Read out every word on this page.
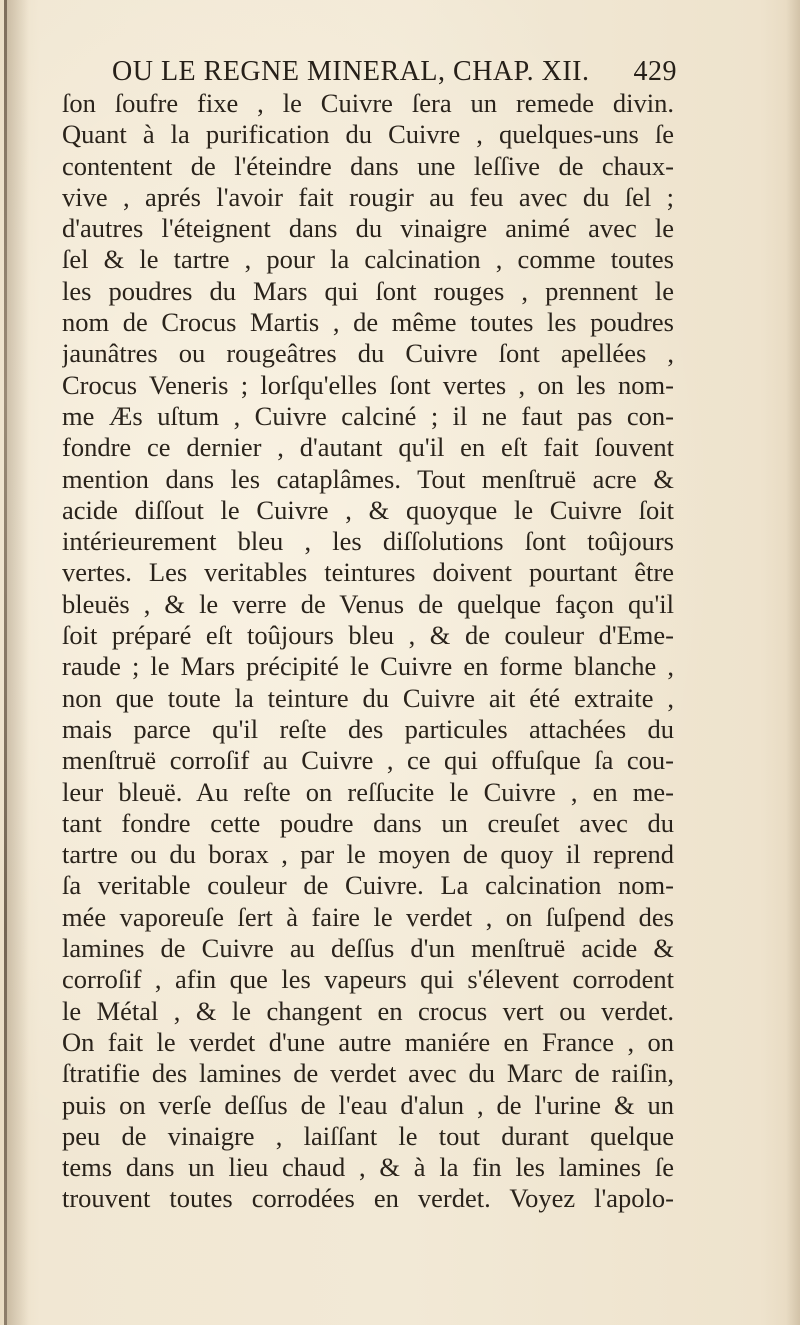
OU LE REGNE MINERAL, CHAP. XII. 429
ſon ſoufre fixe , le Cuivre ſera un remede divin.
Quant à la purification du Cuivre , quelques-uns ſe
contentent de l'éteindre dans une leſſive de chaux-
vive , aprés l'avoir fait rougir au feu avec du ſel ;
d'autres l'éteignent dans du vinaigre animé avec le
ſel & le tartre , pour la calcination , comme toutes
les poudres du Mars qui ſont rouges , prennent le
nom de Crocus Martis , de même toutes les poudres
jaunâtres ou rougeâtres du Cuivre ſont apellées ,
Crocus Veneris ; lorſqu'elles ſont vertes , on les nom-
me Æs uſtum , Cuivre calciné ; il ne faut pas con-
fondre ce dernier , d'autant qu'il en eſt fait ſouvent
mention dans les cataplâmes. Tout menſtruë acre &
acide diſſout le Cuivre , & quoyque le Cuivre ſoit
intérieurement bleu , les diſſolutions ſont toûjours
vertes. Les veritables teintures doivent pourtant être
bleuës , & le verre de Venus de quelque façon qu'il
ſoit préparé eſt toûjours bleu , & de couleur d'Eme-
raude ; le Mars précipité le Cuivre en forme blanche ,
non que toute la teinture du Cuivre ait été extraite ,
mais parce qu'il reſte des particules attachées du
menſtruë corroſif au Cuivre , ce qui offuſque ſa cou-
leur bleuë. Au reſte on reſſucite le Cuivre , en me-
tant fondre cette poudre dans un creuſet avec du
tartre ou du borax , par le moyen de quoy il reprend
ſa veritable couleur de Cuivre. La calcination nom-
mée vaporeuſe ſert à faire le verdet , on ſuſpend des
lamines de Cuivre au deſſus d'un menſtruë acide &
corroſif , afin que les vapeurs qui s'élevent corrodent
le Métal , & le changent en crocus vert ou verdet.
On fait le verdet d'une autre maniére en France , on
ſtratifie des lamines de verdet avec du Marc de raiſin,
puis on verſe deſſus de l'eau d'alun , de l'urine & un
peu de vinaigre , laiſſant le tout durant quelque
tems dans un lieu chaud , & à la fin les lamines ſe
trouvent toutes corrodées en verdet. Voyez l'apolo-
